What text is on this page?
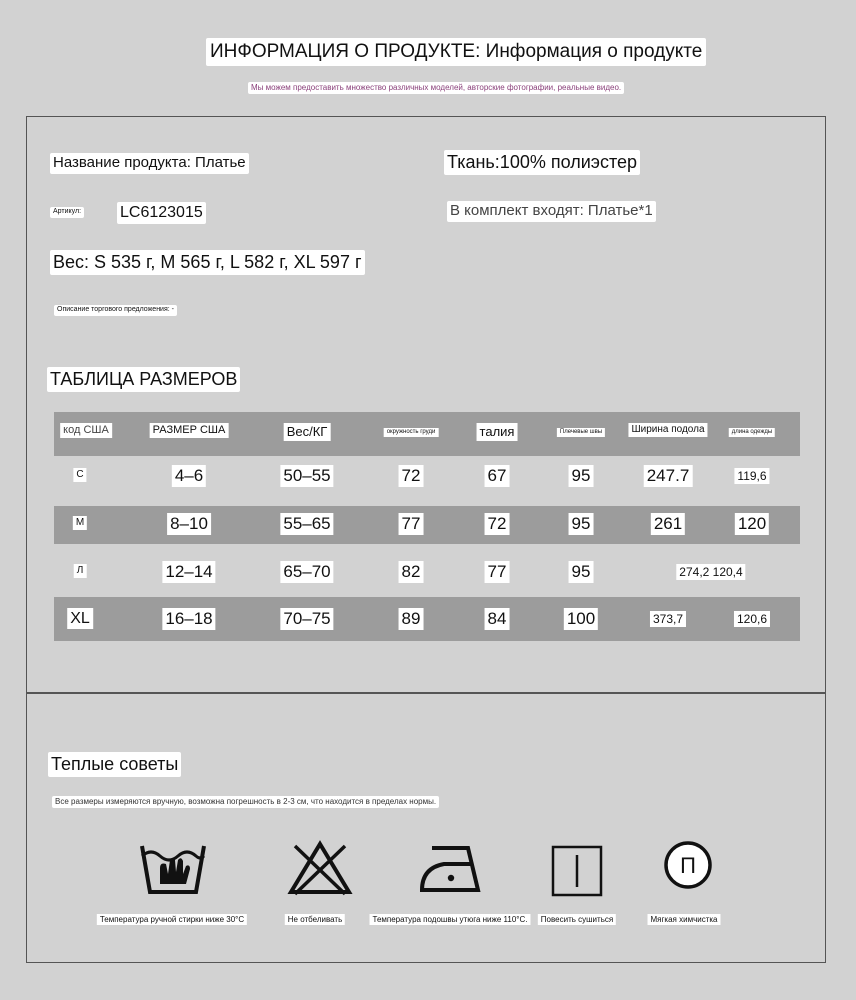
ИНФОРМАЦИЯ О ПРОДУКТЕ: Информация о продукте
Мы можем предоставить множество различных моделей, авторские фотографии, реальные видео.
Название продукта: Платье	Ткань:100% полиэстер
Артикул: LC6123015	В комплект входят: Платье*1
Вес: S 535 г, M 565 г, L 582 г, XL 597 г
Описание торгового предложения: -
ТАБЛИЦА РАЗМЕРОВ
Теплые советы
Все размеры измеряются вручную, возможна погрешность в 2-3 см, что находится в пределах нормы.
П
код США	РАЗМЕР США	Вес/КГ	окружность груди	талия	Плечевые швы	Ширина подола	длина одежды
С	4–6	50–55	72	67	95	247.7	119,6
М	8–10	55–65	77	72	95	261	120
Л	12–14	65–70	82	77	95	274,2 120,4
XL	16–18	70–75	89	84	100	373,7	120,6
Температура ручной стирки ниже 30°C	Не отбеливать	Температура подошвы утюга ниже 110°C.	Повесить сушиться	Мягкая химчистка
